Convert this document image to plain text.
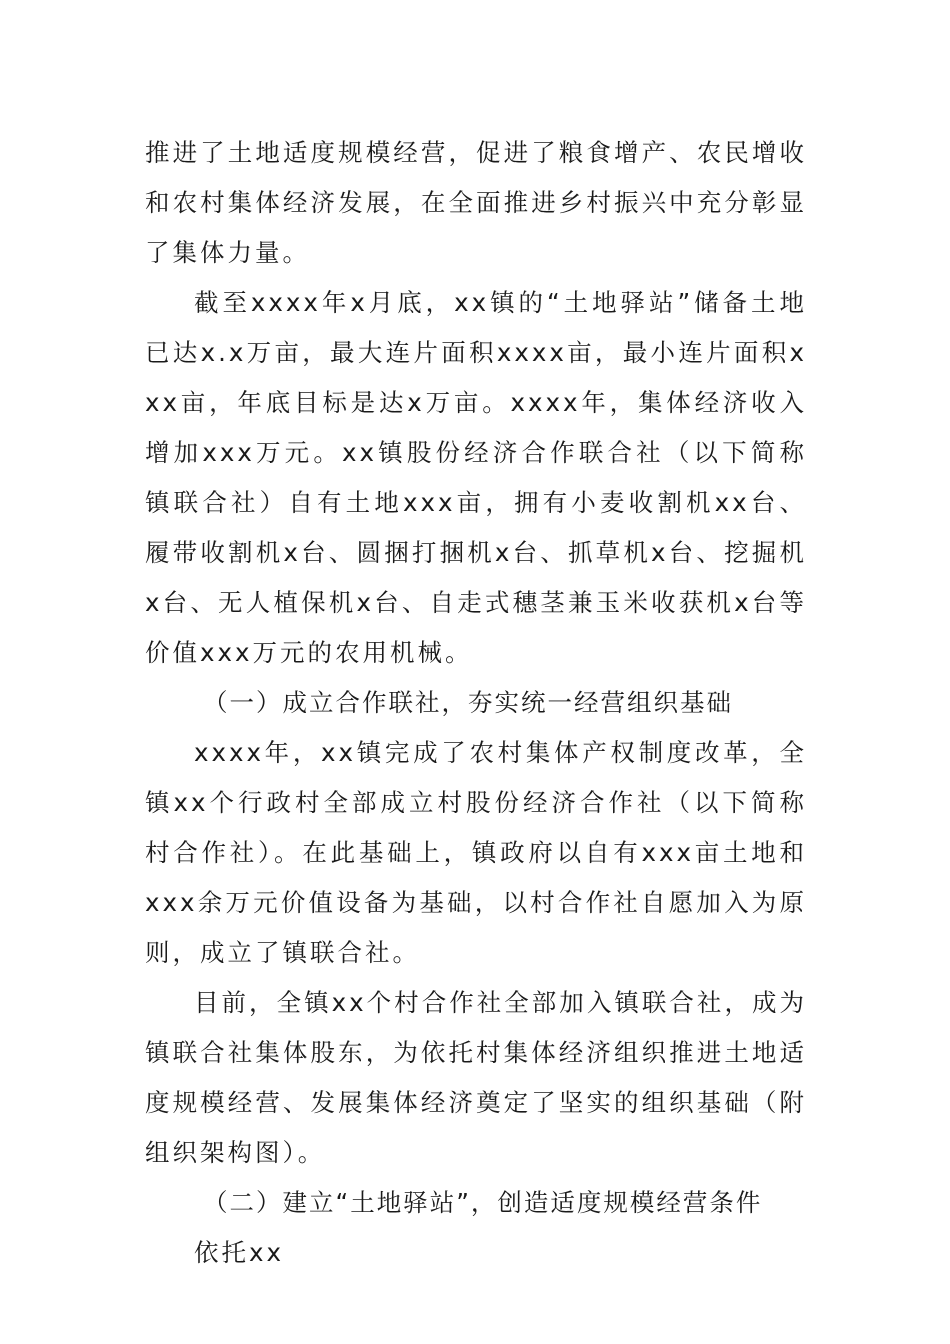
推进了土地适度规模经营，促进了粮食增产、农民增收和农村集体经济发展，在全面推进乡村振兴中充分彰显了集体力量。

截至xxxx年x月底，xx镇的“土地驿站”储备土地已达x.x万亩，最大连片面积xxxx亩，最小连片面积xxx亩，年底目标是达x万亩。xxxx年，集体经济收入增加xxx万元。xx镇股份经济合作联合社（以下简称镇联合社）自有土地xxx亩，拥有小麦收割机xx台、履带收割机x台、圆捆打捆机x台、抓草机x台、挖掘机x台、无人植保机x台、自走式穗茎兼玉米收获机x台等价值xxx万元的农用机械。

（一）成立合作联社，夯实统一经营组织基础

xxxx年，xx镇完成了农村集体产权制度改革，全镇xx个行政村全部成立村股份经济合作社（以下简称村合作社）。在此基础上，镇政府以自有xxx亩土地和xxx余万元价值设备为基础，以村合作社自愿加入为原则，成立了镇联合社。

目前，全镇xx个村合作社全部加入镇联合社，成为镇联合社集体股东，为依托村集体经济组织推进土地适度规模经营、发展集体经济奠定了坚实的组织基础（附组织架构图）。

（二）建立“土地驿站”，创造适度规模经营条件

依托xx
